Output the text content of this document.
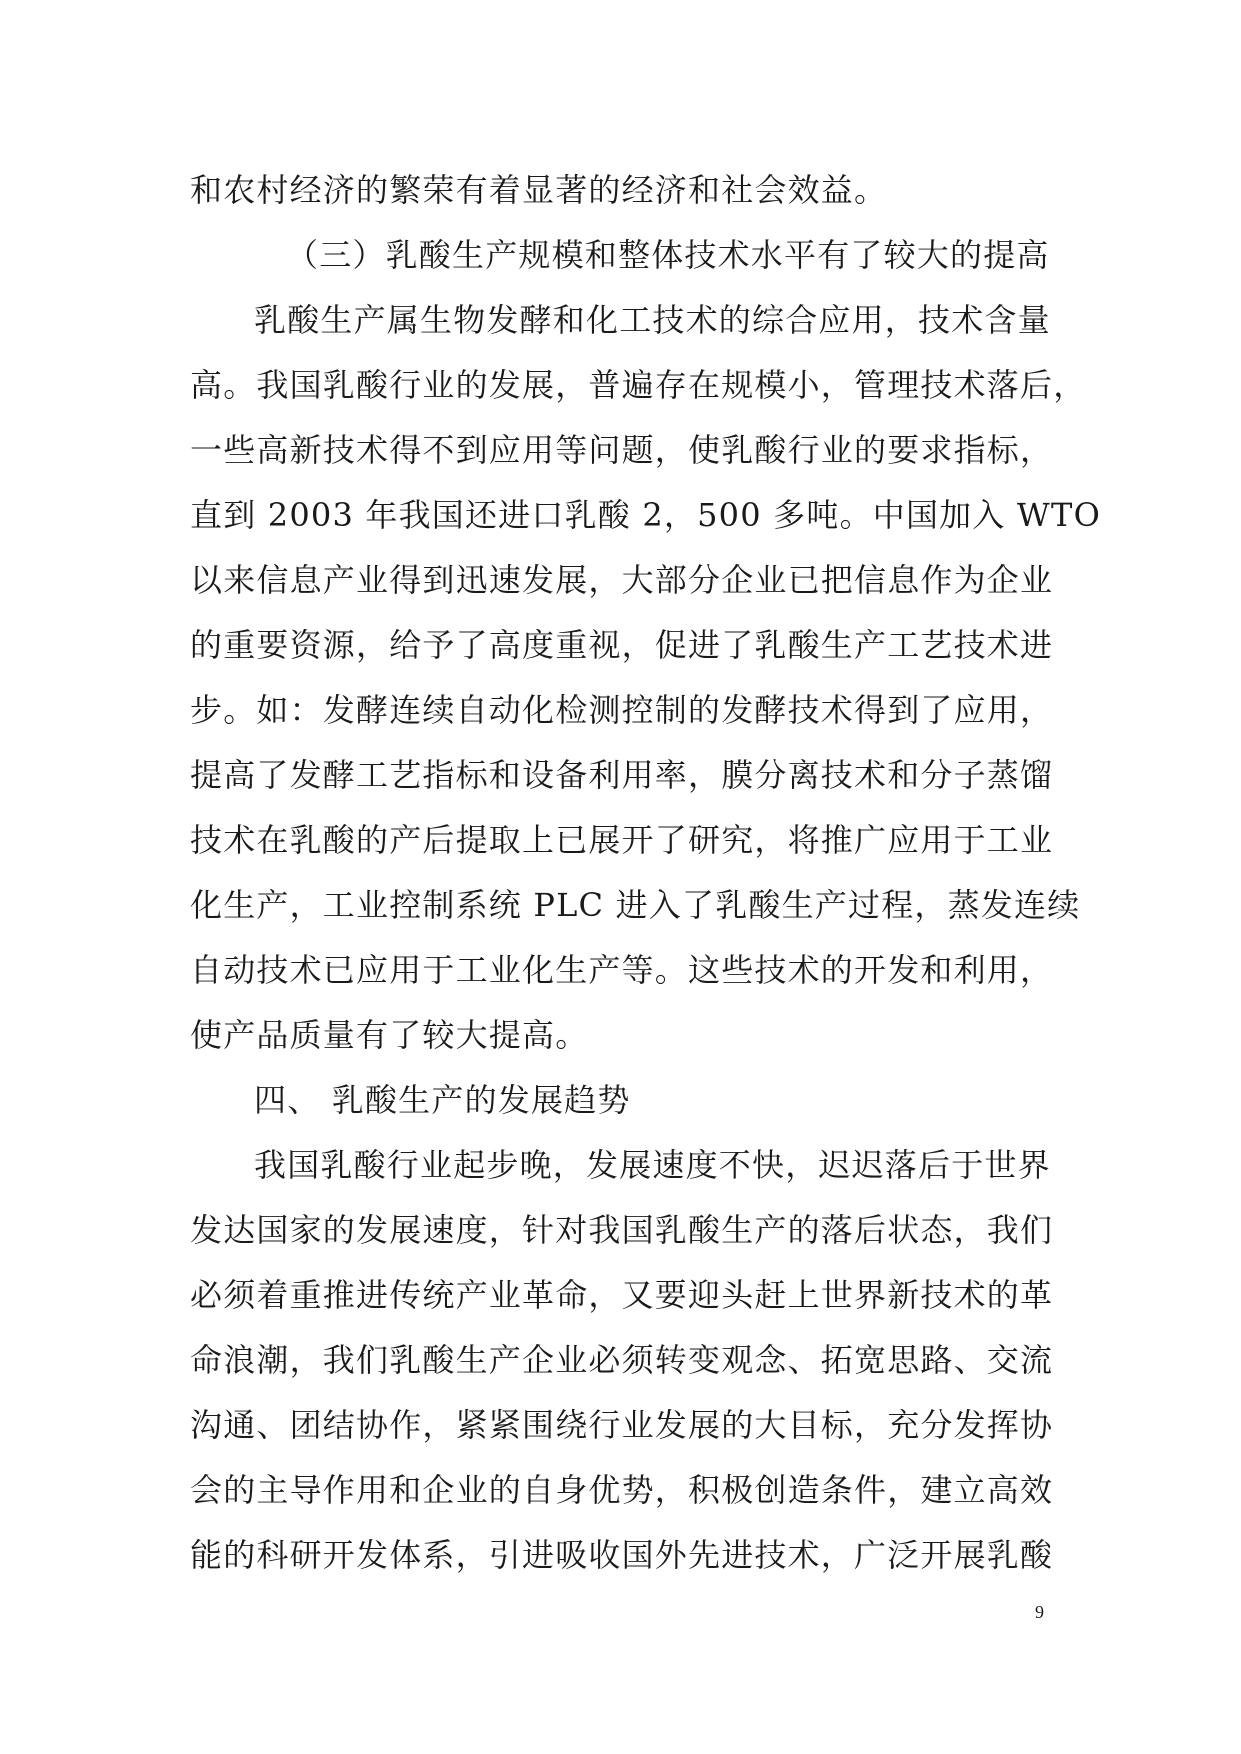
和农村经济的繁荣有着显著的经济和社会效益。
（三）乳酸生产规模和整体技术水平有了较大的提高
乳酸生产属生物发酵和化工技术的综合应用，技术含量
高。我国乳酸行业的发展，普遍存在规模小，管理技术落后，
一些高新技术得不到应用等问题，使乳酸行业的要求指标，
直到 2003 年我国还进口乳酸 2，500 多吨。中国加入 WTO
以来信息产业得到迅速发展，大部分企业已把信息作为企业
的重要资源，给予了高度重视，促进了乳酸生产工艺技术进
步。如：发酵连续自动化检测控制的发酵技术得到了应用，
提高了发酵工艺指标和设备利用率，膜分离技术和分子蒸馏
技术在乳酸的产后提取上已展开了研究，将推广应用于工业
化生产，工业控制系统 PLC 进入了乳酸生产过程，蒸发连续
自动技术已应用于工业化生产等。这些技术的开发和利用，
使产品质量有了较大提高。
四、 乳酸生产的发展趋势
我国乳酸行业起步晚，发展速度不快，迟迟落后于世界
发达国家的发展速度，针对我国乳酸生产的落后状态，我们
必须着重推进传统产业革命，又要迎头赶上世界新技术的革
命浪潮，我们乳酸生产企业必须转变观念、拓宽思路、交流
沟通、团结协作，紧紧围绕行业发展的大目标，充分发挥协
会的主导作用和企业的自身优势，积极创造条件，建立高效
能的科研开发体系，引进吸收国外先进技术，广泛开展乳酸
9
